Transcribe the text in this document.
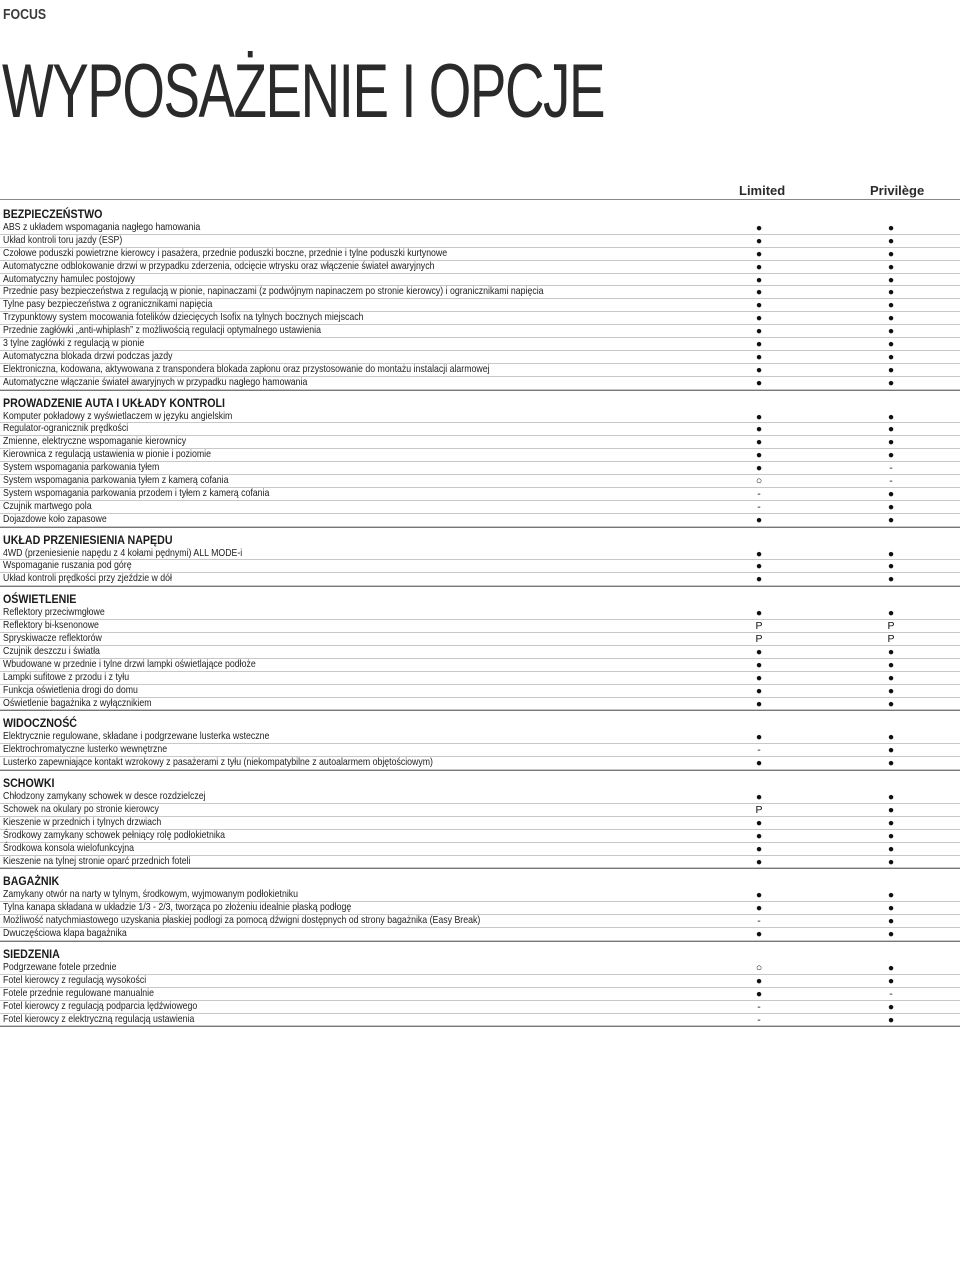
FOCUS
WYPOSAŻENIE I OPCJE
Limited	Privilège
BEZPIECZEŃSTWO
ABS z układem wspomagania nagłego hamowania	●	●
Układ kontroli toru jazdy (ESP)	●	●
Czołowe poduszki powietrzne kierowcy i pasażera, przednie poduszki boczne, przednie i tylne poduszki kurtynowe	●	●
Automatyczne odblokowanie drzwi w przypadku zderzenia, odcięcie wtrysku oraz włączenie świateł awaryjnych	●	●
Automatyczny hamulec postojowy	●	●
Przednie pasy bezpieczeństwa z regulacją w pionie, napinaczami (z podwójnym napinaczem po stronie kierowcy) i ogranicznikami napięcia	●	●
Tylne pasy bezpieczeństwa z ogranicznikami napięcia	●	●
Trzypunktowy system mocowania fotelików dziecięcych Isofix na tylnych bocznych miejscach	●	●
Przednie zagłówki „anti-whiplash” z możliwością regulacji optymalnego ustawienia	●	●
3 tylne zagłówki z regulacją w pionie	●	●
Automatyczna blokada drzwi podczas jazdy	●	●
Elektroniczna, kodowana, aktywowana z transpondera blokada zapłonu oraz przystosowanie do montażu instalacji alarmowej	●	●
Automatyczne włączanie świateł awaryjnych w przypadku nagłego hamowania	●	●
PROWADZENIE AUTA I UKŁADY KONTROLI
Komputer pokładowy z wyświetlaczem w języku angielskim	●	●
Regulator-ogranicznik prędkości	●	●
Zmienne, elektryczne wspomaganie kierownicy	●	●
Kierownica z regulacją ustawienia w pionie i poziomie	●	●
System wspomagania parkowania tyłem	●	-
System wspomagania parkowania tyłem z kamerą cofania	○	-
System wspomagania parkowania przodem i tyłem z kamerą cofania	-	●
Czujnik martwego pola	-	●
Dojazdowe koło zapasowe	●	●
UKŁAD PRZENIESIENIA NAPĘDU
4WD (przeniesienie napędu z 4 kołami pędnymi) ALL MODE-i	●	●
Wspomaganie ruszania pod górę	●	●
Układ kontroli prędkości przy zjeździe w dół	●	●
OŚWIETLENIE
Reflektory przeciwmgłowe	●	●
Reflektory bi-ksenonowe	P	P
Spryskiwacze reflektorów	P	P
Czujnik deszczu i światła	●	●
Wbudowane w przednie i tylne drzwi lampki oświetlające podłoże	●	●
Lampki sufitowe z przodu i z tyłu	●	●
Funkcja oświetlenia drogi do domu	●	●
Oświetlenie bagażnika z wyłącznikiem	●	●
WIDOCZNOŚĆ
Elektrycznie regulowane, składane i podgrzewane lusterka wsteczne	●	●
Elektrochromatyczne lusterko wewnętrzne	-	●
Lusterko zapewniające kontakt wzrokowy z pasażerami z tyłu (niekompatybilne z autoalarmem objętościowym)	●	●
SCHOWKI
Chłodzony zamykany schowek w desce rozdzielczej	●	●
Schowek na okulary po stronie kierowcy	P	●
Kieszenie w przednich i tylnych drzwiach	●	●
Środkowy zamykany schowek pełniący rolę podłokietnika	●	●
Środkowa konsola wielofunkcyjna	●	●
Kieszenie na tylnej stronie oparć przednich foteli	●	●
BAGAŻNIK
Zamykany otwór na narty w tylnym, środkowym, wyjmowanym podłokietniku	●	●
Tylna kanapa składana w układzie 1/3 - 2/3, tworząca po złożeniu idealnie płaską podłogę	●	●
Możliwość natychmiastowego uzyskania płaskiej podłogi za pomocą dźwigni dostępnych od strony bagażnika (Easy Break)	-	●
Dwuczęściowa klapa bagażnika	●	●
SIEDZENIA
Podgrzewane fotele przednie	○	●
Fotel kierowcy z regulacją wysokości	●	●
Fotele przednie regulowane manualnie	●	-
Fotel kierowcy z regulacją podparcia lędźwiowego	-	●
Fotel kierowcy z elektryczną regulacją ustawienia	-	●
